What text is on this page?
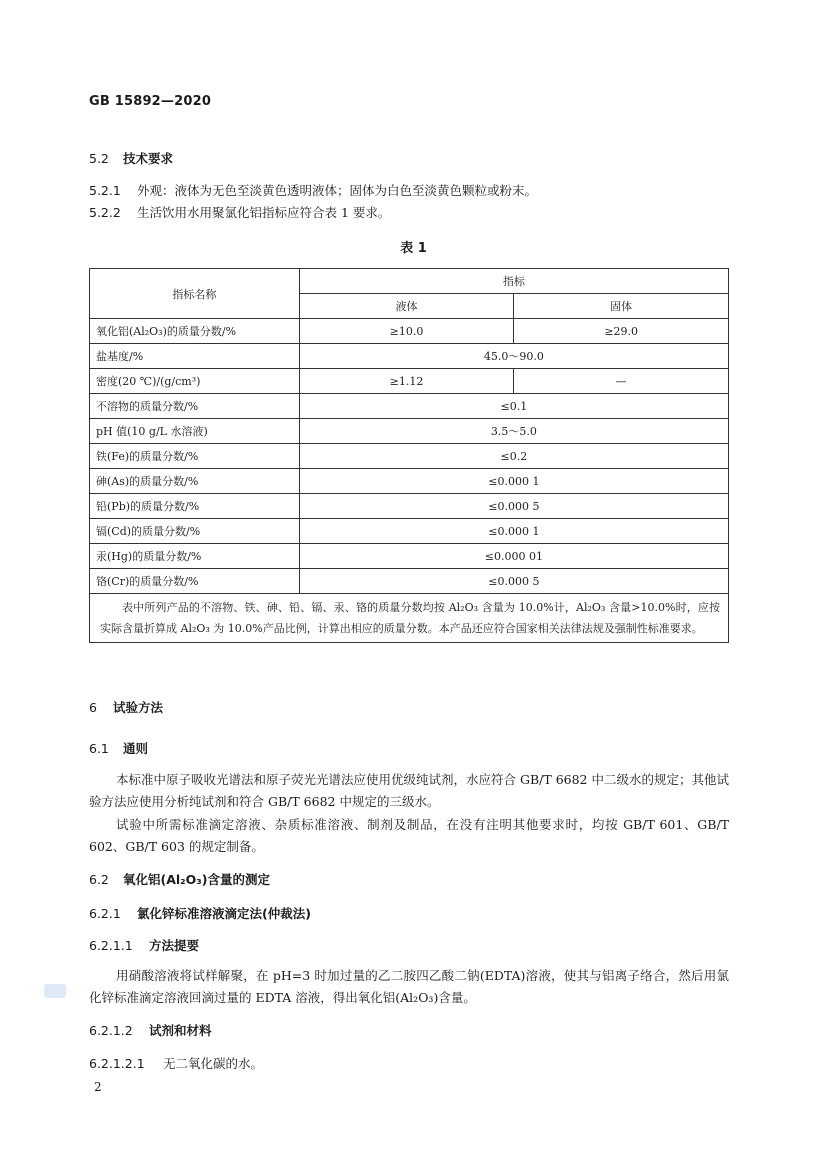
GB 15892—2020
5.2 技术要求
5.2.1 外观：液体为无色至淡黄色透明液体；固体为白色至淡黄色颗粒或粉末。
5.2.2 生活饮用水用聚氯化铝指标应符合表 1 要求。
表 1
指标名称	指标	
	液体	固体
氧化铝(Al₂O₃)的质量分数/%	≥10.0	≥29.0
盐基度/%	45.0～90.0	
密度(20 ℃)/(g/cm³)	≥1.12	—
不溶物的质量分数/%	≤0.1	
pH 值(10 g/L 水溶液)	3.5～5.0	
铁(Fe)的质量分数/%	≤0.2	
砷(As)的质量分数/%	≤0.000 1	
铅(Pb)的质量分数/%	≤0.000 5	
镉(Cd)的质量分数/%	≤0.000 1	
汞(Hg)的质量分数/%	≤0.000 01	
铬(Cr)的质量分数/%	≤0.000 5	
表中所列产品的不溶物、铁、砷、铅、镉、汞、铬的质量分数均按 Al₂O₃ 含量为 10.0%计，Al₂O₃ 含量>10.0%时，应按实际含量折算成 Al₂O₃ 为 10.0%产品比例，计算出相应的质量分数。本产品还应符合国家相关法律法规及强制性标准要求。		
6 试验方法
6.1 通则
本标准中原子吸收光谱法和原子荧光光谱法应使用优级纯试剂，水应符合 GB/T 6682 中二级水的规定；其他试验方法应使用分析纯试剂和符合 GB/T 6682 中规定的三级水。
试验中所需标准滴定溶液、杂质标准溶液、制剂及制品，在没有注明其他要求时，均按 GB/T 601、GB/T 602、GB/T 603 的规定制备。
6.2 氧化铝(Al₂O₃)含量的测定
6.2.1 氯化锌标准溶液滴定法(仲裁法)
6.2.1.1 方法提要
用硝酸溶液将试样解聚，在 pH=3 时加过量的乙二胺四乙酸二钠(EDTA)溶液，使其与铝离子络合，然后用氯化锌标准滴定溶液回滴过量的 EDTA 溶液，得出氧化铝(Al₂O₃)含量。
6.2.1.2 试剂和材料
6.2.1.2.1 无二氧化碳的水。
2
